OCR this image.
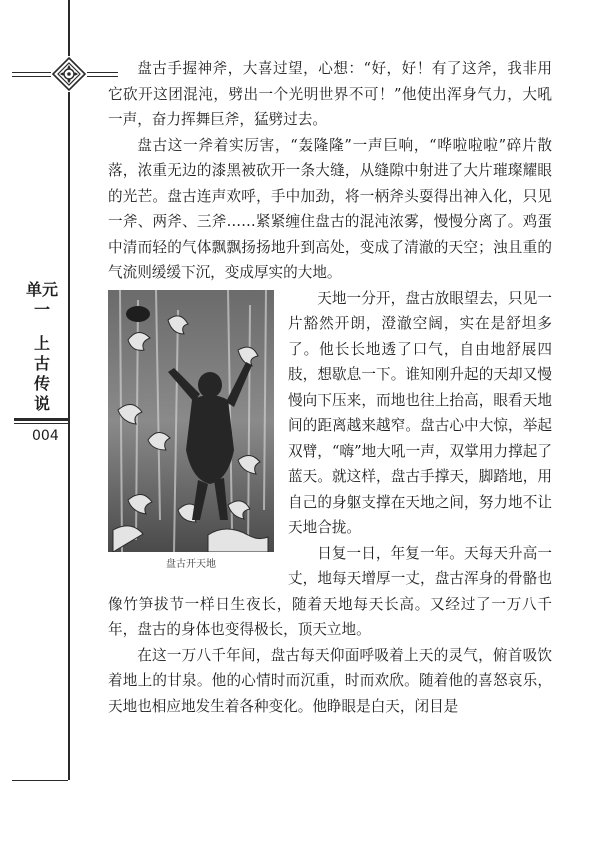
单元一
上古传说
004

盘古手握神斧，大喜过望，心想：“好，好！有了这斧，我非用它砍开这团混沌，劈出一个光明世界不可！”他使出浑身气力，大吼一声，奋力挥舞巨斧，猛劈过去。

盘古这一斧着实厉害，“轰隆隆”一声巨响，“哗啦啦啦”碎片散落，浓重无边的漆黑被砍开一条大缝，从缝隙中射进了大片璀璨耀眼的光芒。盘古连声欢呼，手中加劲，将一柄斧头耍得出神入化，只见一斧、两斧、三斧……紧紧缠住盘古的混沌浓雾，慢慢分离了。鸡蛋中清而轻的气体飘飘扬扬地升到高处，变成了清澈的天空；浊且重的气流则缓缓下沉，变成厚实的大地。

盘古开天地

天地一分开，盘古放眼望去，只见一片豁然开朗，澄澈空阔，实在是舒坦多了。他长长地透了口气，自由地舒展四肢，想歇息一下。谁知刚升起的天却又慢慢向下压来，而地也往上抬高，眼看天地间的距离越来越窄。盘古心中大惊，举起双臂，“嗨”地大吼一声，双掌用力撑起了蓝天。就这样，盘古手撑天，脚踏地，用自己的身躯支撑在天地之间，努力地不让天地合拢。

日复一日，年复一年。天每天升高一丈，地每天增厚一丈，盘古浑身的骨骼也像竹笋拔节一样日生夜长，随着天地每天长高。又经过了一万八千年，盘古的身体也变得极长，顶天立地。

在这一万八千年间，盘古每天仰面呼吸着上天的灵气，俯首吸饮着地上的甘泉。他的心情时而沉重，时而欢欣。随着他的喜怒哀乐，天地也相应地发生着各种变化。他睁眼是白天，闭目是
